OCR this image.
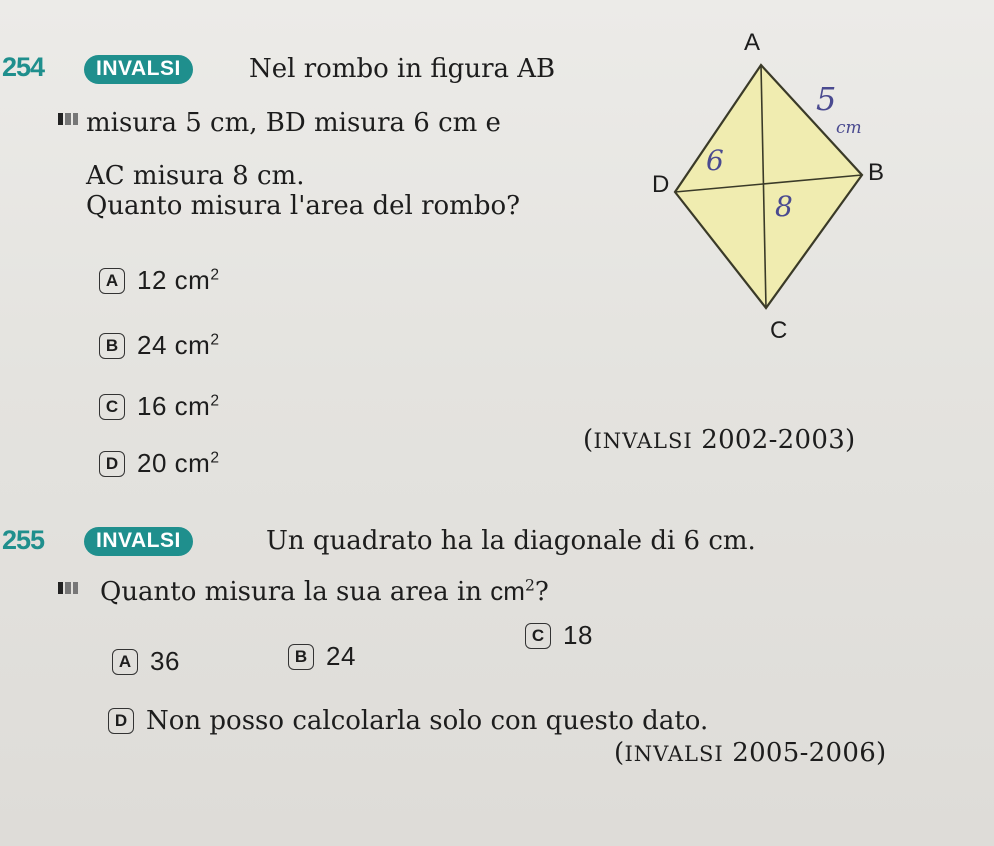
254	INVALSI	Nel rombo in figura AB
misura 5 cm, BD misura 6 cm e
AC misura 8 cm.
Quanto misura l'area del rombo?
A 12 $cm^2$
B 24 $cm^2$
C 16 $cm^2$
D 20 $cm^2$
(INVALSI 2002-2003)
A
B
C
D
5
cm
6
8
255	INVALSI	Un quadrato ha la diagonale di 6 cm.
Quanto misura la sua area in $cm^2$?
A 36	B 24
C 18
D Non posso calcolarla solo con questo dato.
(INVALSI 2005-2006)
